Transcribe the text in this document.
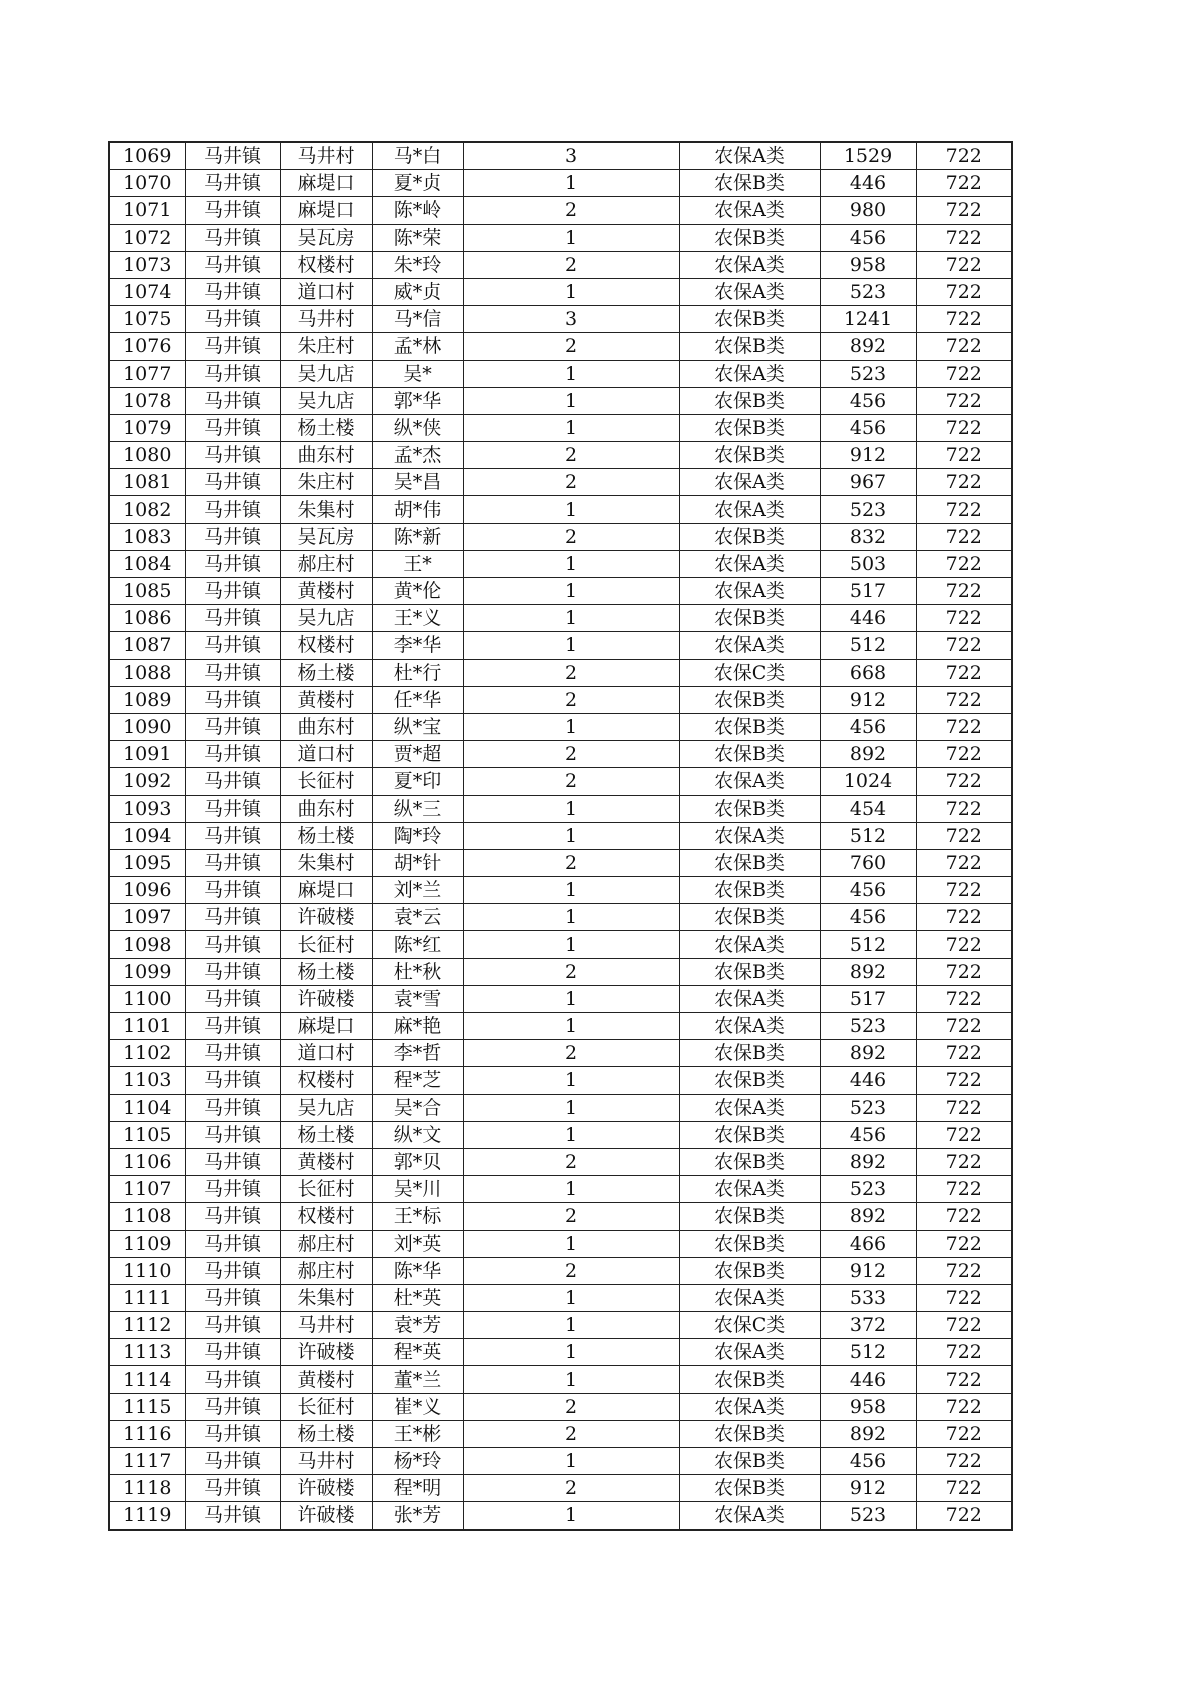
1069	马井镇	马井村	马*白	3	农保A类	1529	722
1070	马井镇	麻堤口	夏*贞	1	农保B类	446	722
1071	马井镇	麻堤口	陈*岭	2	农保A类	980	722
1072	马井镇	吴瓦房	陈*荣	1	农保B类	456	722
1073	马井镇	权楼村	朱*玲	2	农保A类	958	722
1074	马井镇	道口村	威*贞	1	农保A类	523	722
1075	马井镇	马井村	马*信	3	农保B类	1241	722
1076	马井镇	朱庄村	孟*林	2	农保B类	892	722
1077	马井镇	吴九店	吴*	1	农保A类	523	722
1078	马井镇	吴九店	郭*华	1	农保B类	456	722
1079	马井镇	杨土楼	纵*侠	1	农保B类	456	722
1080	马井镇	曲东村	孟*杰	2	农保B类	912	722
1081	马井镇	朱庄村	吴*昌	2	农保A类	967	722
1082	马井镇	朱集村	胡*伟	1	农保A类	523	722
1083	马井镇	吴瓦房	陈*新	2	农保B类	832	722
1084	马井镇	郝庄村	王*	1	农保A类	503	722
1085	马井镇	黄楼村	黄*伦	1	农保A类	517	722
1086	马井镇	吴九店	王*义	1	农保B类	446	722
1087	马井镇	权楼村	李*华	1	农保A类	512	722
1088	马井镇	杨土楼	杜*行	2	农保C类	668	722
1089	马井镇	黄楼村	任*华	2	农保B类	912	722
1090	马井镇	曲东村	纵*宝	1	农保B类	456	722
1091	马井镇	道口村	贾*超	2	农保B类	892	722
1092	马井镇	长征村	夏*印	2	农保A类	1024	722
1093	马井镇	曲东村	纵*三	1	农保B类	454	722
1094	马井镇	杨土楼	陶*玲	1	农保A类	512	722
1095	马井镇	朱集村	胡*针	2	农保B类	760	722
1096	马井镇	麻堤口	刘*兰	1	农保B类	456	722
1097	马井镇	许破楼	袁*云	1	农保B类	456	722
1098	马井镇	长征村	陈*红	1	农保A类	512	722
1099	马井镇	杨土楼	杜*秋	2	农保B类	892	722
1100	马井镇	许破楼	袁*雪	1	农保A类	517	722
1101	马井镇	麻堤口	麻*艳	1	农保A类	523	722
1102	马井镇	道口村	李*哲	2	农保B类	892	722
1103	马井镇	权楼村	程*芝	1	农保B类	446	722
1104	马井镇	吴九店	吴*合	1	农保A类	523	722
1105	马井镇	杨土楼	纵*文	1	农保B类	456	722
1106	马井镇	黄楼村	郭*贝	2	农保B类	892	722
1107	马井镇	长征村	吴*川	1	农保A类	523	722
1108	马井镇	权楼村	王*标	2	农保B类	892	722
1109	马井镇	郝庄村	刘*英	1	农保B类	466	722
1110	马井镇	郝庄村	陈*华	2	农保B类	912	722
1111	马井镇	朱集村	杜*英	1	农保A类	533	722
1112	马井镇	马井村	袁*芳	1	农保C类	372	722
1113	马井镇	许破楼	程*英	1	农保A类	512	722
1114	马井镇	黄楼村	董*兰	1	农保B类	446	722
1115	马井镇	长征村	崔*义	2	农保A类	958	722
1116	马井镇	杨土楼	王*彬	2	农保B类	892	722
1117	马井镇	马井村	杨*玲	1	农保B类	456	722
1118	马井镇	许破楼	程*明	2	农保B类	912	722
1119	马井镇	许破楼	张*芳	1	农保A类	523	722
